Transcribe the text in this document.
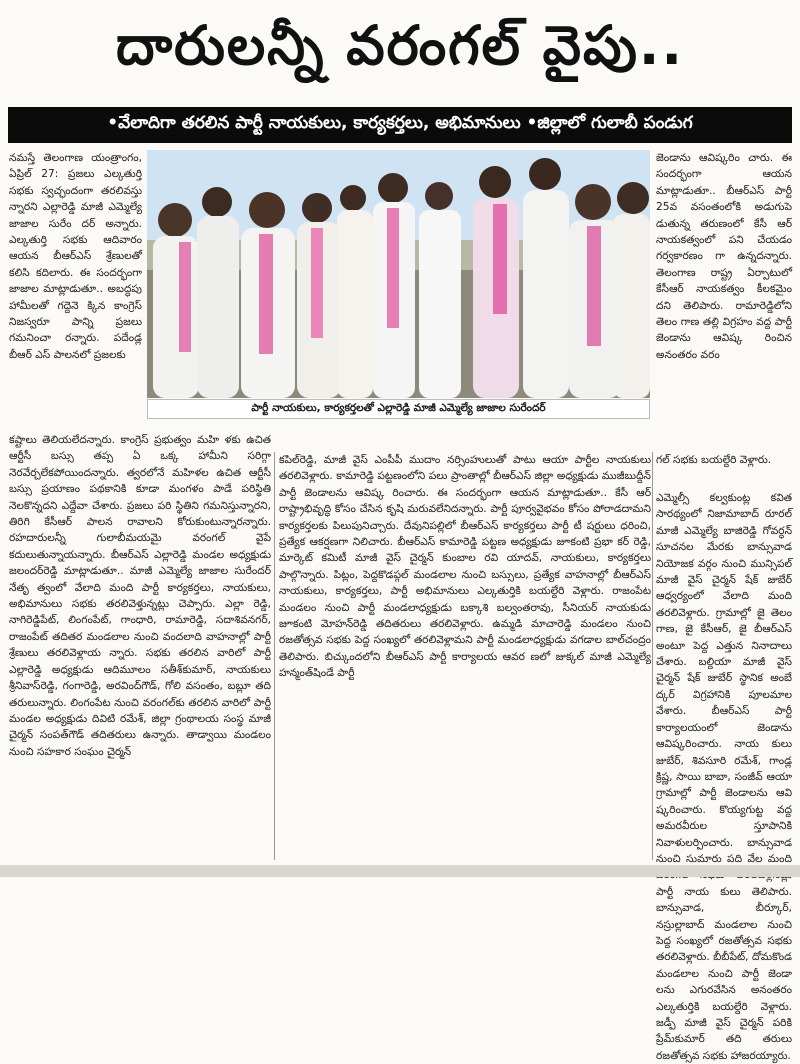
దారులన్నీ వరంగల్ వైపు..
•వేలాదిగా తరలిన పార్టీ నాయకులు, కార్యకర్తలు, అభిమానులు •జిల్లాలో గులాబీ పండుగ

నమస్తే తెలంగాణ యంత్రాంగం, ఏప్రిల్ 27: ప్రజలు ఎల్కతుర్తి సభకు స్వచ్ఛందంగా తరలివస్తు న్నారని ఎల్లారెడ్డి మాజీ ఎమ్మెల్యే జాజాల సురేం దర్ అన్నారు. ఎల్కతుర్తి సభకు ఆదివారం ఆయన బీఆర్ఎస్ శ్రేణులతో కలిసి కదిలారు. ఈ సందర్భంగా జాజాల మాట్లాడుతూ.. అబద్ధపు హామీలతో గద్దెనె క్కిన కాంగ్రెస్ నిజస్వరూ పాన్ని ప్రజలు గమనించా రన్నారు. పదేండ్ల బీఆర్ ఎస్ పాలనలో ప్రజలకు

పార్టీ నాయకులు, కార్యకర్తలతో ఎల్లారెడ్డి మాజీ ఎమ్మెల్యే జాజాల సురేందర్

జెండాను ఆవిష్కరిం చారు. ఈ సందర్భంగా ఆయన మాట్లాడుతూ.. బీఆర్ఎస్ పార్టీ 25వ వసంతంలోకి అడుగుపె డుతున్న తరుణంలో కేసీ ఆర్ నాయకత్వంలో పని చేయడం గర్వకారణం గా ఉన్నదన్నారు. తెలంగాణ రాష్ట్ర ఏర్పాటులో కేసీఆర్ నాయకత్వం కీలకమైం దని తెలిపారు. రామారెడ్డిలోని తెలం గాణ తల్లి విగ్రహం వద్ద పార్టీ జెండాను ఆవిష్క రించిన అనంతరం వరం

కష్టాలు తెలియలేదన్నారు. కాంగ్రెస్ ప్రభుత్వం మహి ళకు ఉచిత ఆర్టీసీ బస్సు తప్ప ఏ ఒక్క హామీని సరిగ్గా నెరవేర్చలేకపోయిందన్నారు. త్వరలోనే మహిళల ఉచిత ఆర్టీసీ బస్సు ప్రయాణం పథకానికి కూడా మంగళం పాడే పరిస్థితి నెలకొన్నదని ఎద్దేవా చేశారు. ప్రజలు పరి స్థితిని గమనిస్తున్నారని, తిరిగి కేసీఆర్ పాలన రావాలని కోరుకుంటున్నారన్నారు. రహదారులన్నీ గులాబీమయమై వరంగల్ వైపే కదులుతున్నాయన్నారు. బీఆర్ఎస్ ఎల్లారెడ్డి మండల అధ్యక్షుడు జలందర్‌రెడ్డి మాట్లాడుతూ.. మాజీ ఎమ్మెల్యే జాజాల సురేందర్ నేతృ త్వంలో వేలాది మంది పార్టీ కార్యకర్తలు, నాయకులు, అభిమానులు సభకు తరలివెళ్తున్నట్లు చెప్పారు. ఎల్లా రెడ్డి, నాగిరెడ్డిపేట్, లింగంపేట్, గాంధారి, రామారెడ్డి, సదాశివనగర్, రాజంపేట్ తదితర మండలాల నుంచి వందలాది వాహనాల్లో పార్టీ శ్రేణులు తరలివెళ్లాయ న్నారు. సభకు తరలిన వారిలో పార్టీ ఎల్లారెడ్డి అధ్యక్షుడు ఆదిమూలం సతీశ్‌కుమార్, నాయకులు శ్రీనివాస్‌రెడ్డి, గంగారెడ్డి, అరవింద్‌గౌడ్, గోలి వసంతం, బబ్లూ తది తరులున్నారు. లింగంపేట నుంచి వరంగల్‌కు తరలిన వారిలో పార్టీ మండల అధ్యక్షుడు దివిటి రమేశ్, జిల్లా గ్రంథాలయ సంస్థ మాజీ చైర్మన్ సంపత్‌గౌడ్ తదితరులు ఉన్నారు. తాడ్వాయి మండలం నుంచి సహకార సంఘం చైర్మన్

కపిల్‌రెడ్డి, మాజీ వైస్ ఎంపీపీ ముదాం నర్సింహులుతో పాటు ఆయా పార్టీల నాయకులు తరలివెళ్లారు. కామారెడ్డి పట్టణంలోని పలు ప్రాంతాల్లో బీఆర్ఎస్ జిల్లా అధ్యక్షుడు ముజీబుద్దీన్ పార్టీ జెండాలను ఆవిష్క రించారు. ఈ సందర్భంగా ఆయన మాట్లాడుతూ.. కేసీ ఆర్ రాష్ట్రాభివృద్ధి కోసం చేసిన కృషి మరువలేనిదన్నారు. పార్టీ పూర్వవైభవం కోసం పోరాడదామని కార్యకర్తలకు పిలుపునిచ్చారు. దేవునిపల్లిలో బీఆర్ఎస్ కార్యకర్తలు పార్టీ టీ షర్టులు ధరించి, ప్రత్యేక ఆకర్షణగా నిలిచారు. బీఆర్ఎస్ కామారెడ్డి పట్టణ అధ్యక్షుడు జూకంటి ప్రభా కర్ రెడ్డి, మార్కెట్ కమిటీ మాజీ వైస్ చైర్మన్ కుంబాల రవి యాదవ్, నాయకులు, కార్యకర్తలు పాల్గొన్నారు. పిట్లం, పెద్దకొడప్గల్ మండలాల నుంచి బస్సులు, ప్రత్యేక వాహనాల్లో బీఆర్ఎస్ నాయకులు, కార్యకర్తలు, పార్టీ అభిమానులు ఎల్కతుర్తికి బయల్దేరి వెళ్లారు. రాజంపేట మండలం నుంచి పార్టీ మండలాధ్యక్షుడు బక్కాశి బల్వంతరావు, సీనియర్ నాయకుడు జూకంటి మోహన్‌రెడ్డి తదితరులు తరలివెళ్లారు. ఉమ్మడి మాచారెడ్డి మండలం నుంచి రజతోత్సవ సభకు పెద్ద సంఖ్యలో తరలివెళ్లామని పార్టీ మండలాధ్యక్షుడు వగడాల బాల్‌చంద్రం తెలిపారు. బిచ్కుందలోని బీఆర్ఎస్ పార్టీ కార్యాలయ ఆవర ణలో జుక్కల్ మాజీ ఎమ్మెల్యే హన్మంత్‌షిండే పార్టీ

గల్ సభకు బయల్దేరి వెళ్లారు.

ఎమ్మెల్సీ కల్వకుంట్ల కవిత సారథ్యంలో నిజామాబాద్ రూరల్ మాజీ ఎమ్మెల్యే బాజిరెడ్డి గోవర్ధన్ సూచనల మేరకు బాన్సువాడ నియోజక వర్గం నుంచి మున్సిపల్ మాజీ వైస్ చైర్మన్ షేక్ జుబేర్ ఆధ్వర్యంలో వేలాది మంది తరలివెళ్లారు. గ్రామాల్లో జై తెలం గాణ, జై కేసీఆర్, జై బీఆర్ఎస్ అంటూ పెద్ద ఎత్తున నినాదాలు చేశారు. బల్దియా మాజీ వైస్ చైర్మన్ షేక్ జుబేర్ స్థానిక అంబే ద్కర్ విగ్రహానికి పూలమాల వేశారు. బీఆర్ఎస్ పార్టీ కార్యాలయంలో జెండాను ఆవిష్కరించారు. నాయ కులు జుబేర్, శివసూరి రమేశ్, గాండ్ల క్రిష్ణ, సాయి బాబా, సంజీవ్ ఆయా గ్రామాల్లో పార్టీ జెండాలను ఆవి ష్కరించారు. కొయ్యగుట్ట వద్ద అమరవీరుల స్తూపానికి నివాళులర్పించారు. బాన్సువాడ నుంచి సుమారు పది వేల మంది పార్టీ నాయ కులు తెలిపారు. బాన్సువాడ, బీర్కూర్, నస్రుల్లాబాద్ మండలాల నుంచి పెద్ద సంఖ్యలో రజతోత్సవ సభకు తరలివెళ్లారు. బీబీపేట్, దోమకొండ మండలాల నుంచి పార్టీ జెండా లను ఎగురవేసిన అనంతరం ఎల్కతుర్తికి బయల్దేరి వెళ్లారు. జడ్పీ మాజీ వైస్ చైర్మన్ పరికి ప్రేమ్‌కుమార్ తది తరులు రజతోత్సవ సభకు హాజరయ్యారు.
